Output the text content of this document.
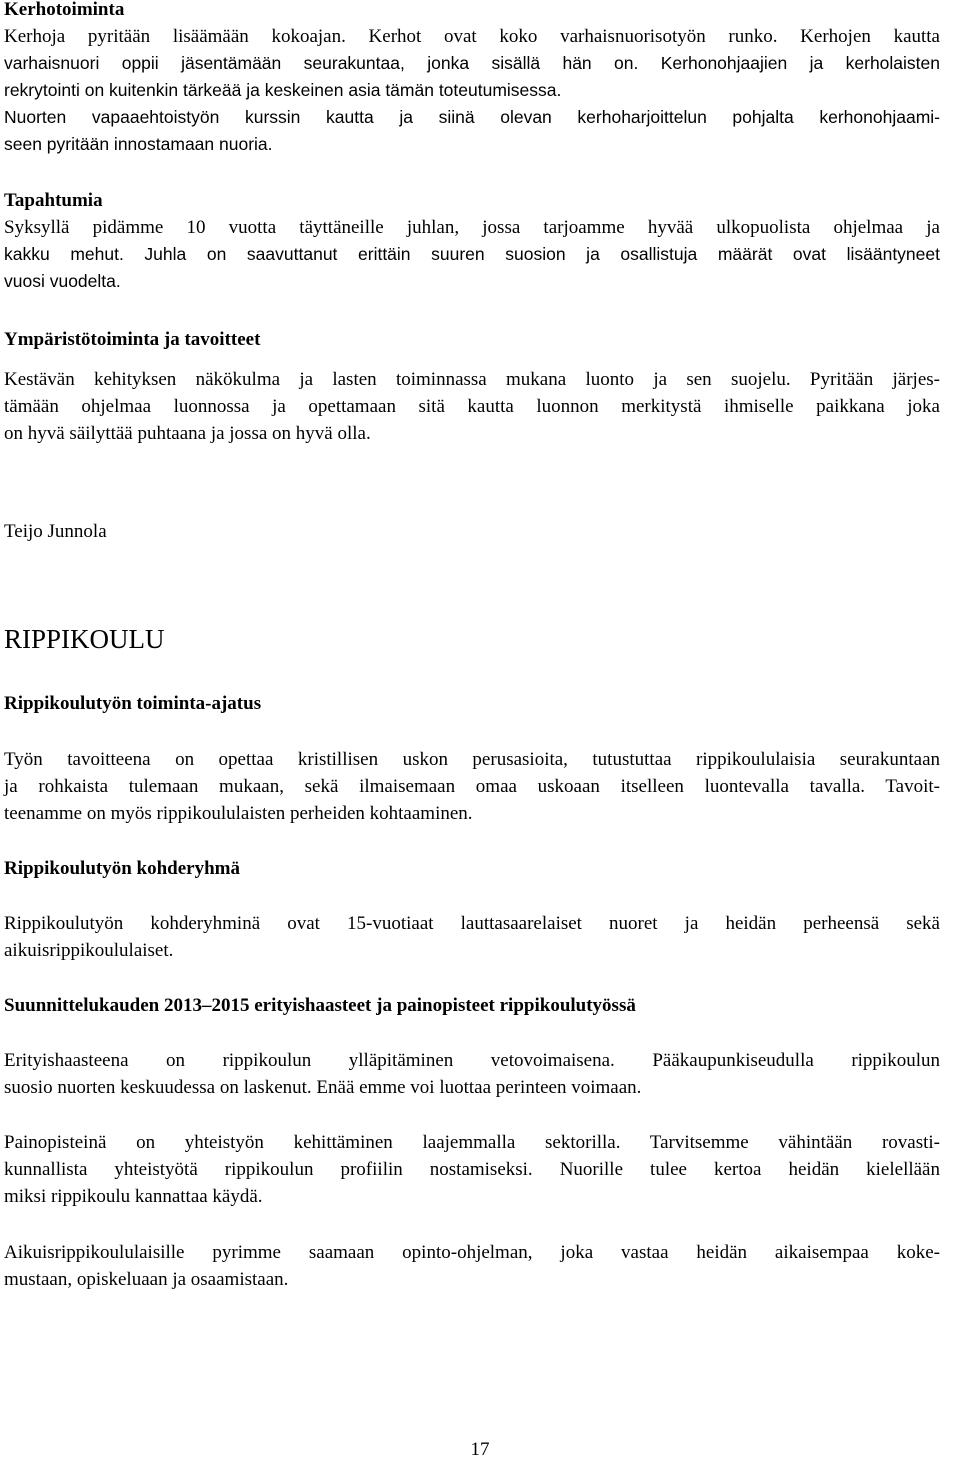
Kerhotoiminta
Kerhoja pyritään lisäämään kokoajan. Kerhot ovat koko varhaisnuorisotyön runko. Kerhojen kautta
varhaisnuori oppii jäsentämään seurakuntaa, jonka sisällä hän on. Kerhonohjaajien ja kerholaisten
rekrytointi on kuitenkin tärkeää ja keskeinen asia tämän toteutumisessa.
Nuorten vapaaehtoistyön kurssin kautta ja siinä olevan kerhoharjoittelun pohjalta kerhonohjaami-
seen pyritään innostamaan nuoria.
Tapahtumia
Syksyllä pidämme 10 vuotta täyttäneille juhlan, jossa tarjoamme hyvää ulkopuolista ohjelmaa ja
kakku mehut. Juhla on saavuttanut erittäin suuren suosion ja osallistuja määrät ovat lisääntyneet
vuosi vuodelta.
Ympäristötoiminta ja tavoitteet
Kestävän kehityksen näkökulma ja lasten toiminnassa mukana luonto ja sen suojelu. Pyritään järjes-
tämään ohjelmaa luonnossa ja opettamaan sitä kautta luonnon merkitystä ihmiselle paikkana joka
on hyvä säilyttää puhtaana ja jossa on hyvä olla.
Teijo Junnola
RIPPIKOULU
Rippikoulutyön toiminta-ajatus
Työn tavoitteena on opettaa kristillisen uskon perusasioita, tutustuttaa rippikoululaisia seurakuntaan
ja rohkaista tulemaan mukaan, sekä ilmaisemaan omaa uskoaan itselleen luontevalla tavalla. Tavoit-
teenamme on myös rippikoululaisten perheiden kohtaaminen.
Rippikoulutyön kohderyhmä
Rippikoulutyön kohderyhminä ovat 15-vuotiaat lauttasaarelaiset nuoret ja heidän perheensä sekä
aikuisrippikoululaiset.
Suunnittelukauden 2013–2015 erityishaasteet ja painopisteet rippikoulutyössä
Erityishaasteena on rippikoulun ylläpitäminen vetovoimaisena. Pääkaupunkiseudulla rippikoulun
suosio nuorten keskuudessa on laskenut. Enää emme voi luottaa perinteen voimaan.
Painopisteinä on yhteistyön kehittäminen laajemmalla sektorilla. Tarvitsemme vähintään rovasti-
kunnallista yhteistyötä rippikoulun profiilin nostamiseksi. Nuorille tulee kertoa heidän kielellään
miksi rippikoulu kannattaa käydä.
Aikuisrippikoululaisille pyrimme saamaan opinto-ohjelman, joka vastaa heidän aikaisempaa koke-
mustaan, opiskeluaan ja osaamistaan.
17
